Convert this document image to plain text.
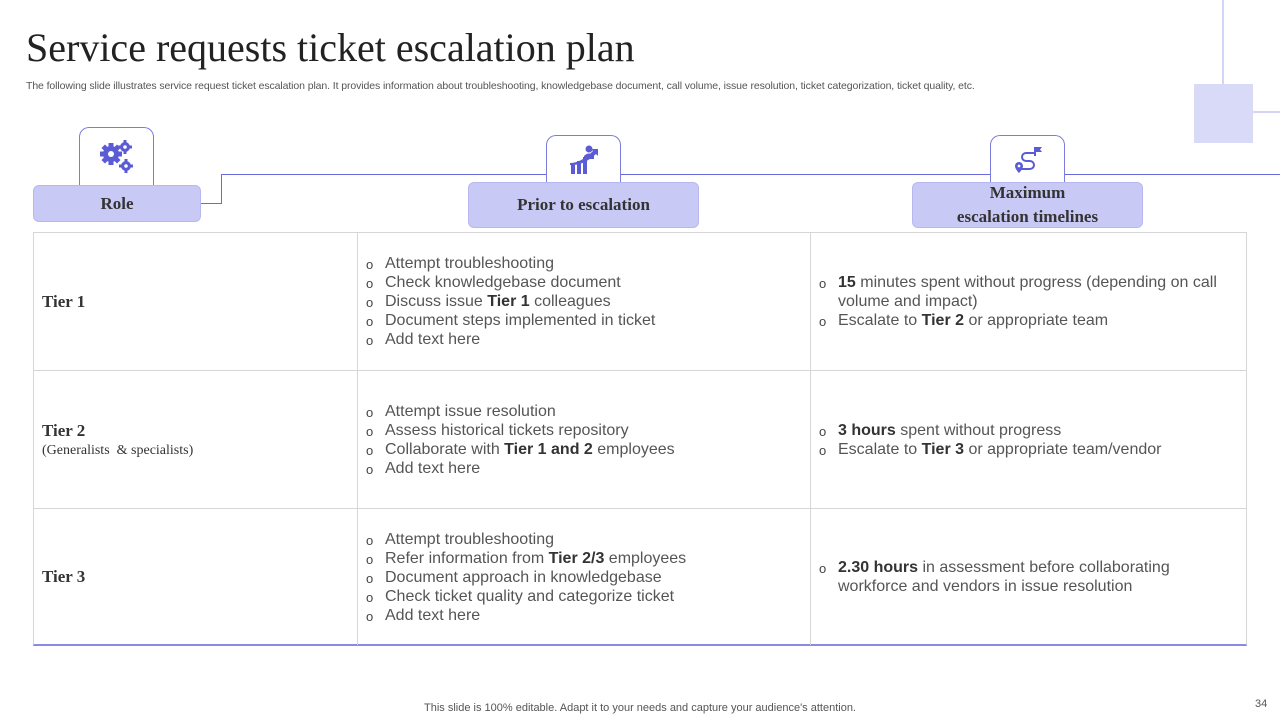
Service requests ticket escalation plan
The following slide illustrates service request ticket escalation plan. It provides information about troubleshooting, knowledgebase document, call volume, issue resolution, ticket categorization, ticket quality, etc.
Role	Prior to escalation
Maximum
escalation timelines
Tier 1
o Attempt troubleshooting
o Check knowledgebase document
o Discuss issue Tier 1 colleagues
o Document steps implemented in ticket
o Add text here
o 15 minutes spent without progress (depending on call volume and impact)
o Escalate to Tier 2 or appropriate team
Tier 2
(Generalists  & specialists)
o Attempt issue resolution
o Assess historical tickets repository
o Collaborate with Tier 1 and 2 employees
o Add text here
o 3 hours spent without progress
o Escalate to Tier 3 or appropriate team/vendor
Tier 3
o Attempt troubleshooting
o Refer information from Tier 2/3 employees
o Document approach in knowledgebase
o Check ticket quality and categorize ticket
o Add text here
o 2.30 hours in assessment before collaborating workforce and vendors in issue resolution
This slide is 100% editable. Adapt it to your needs and capture your audience's attention.	34
